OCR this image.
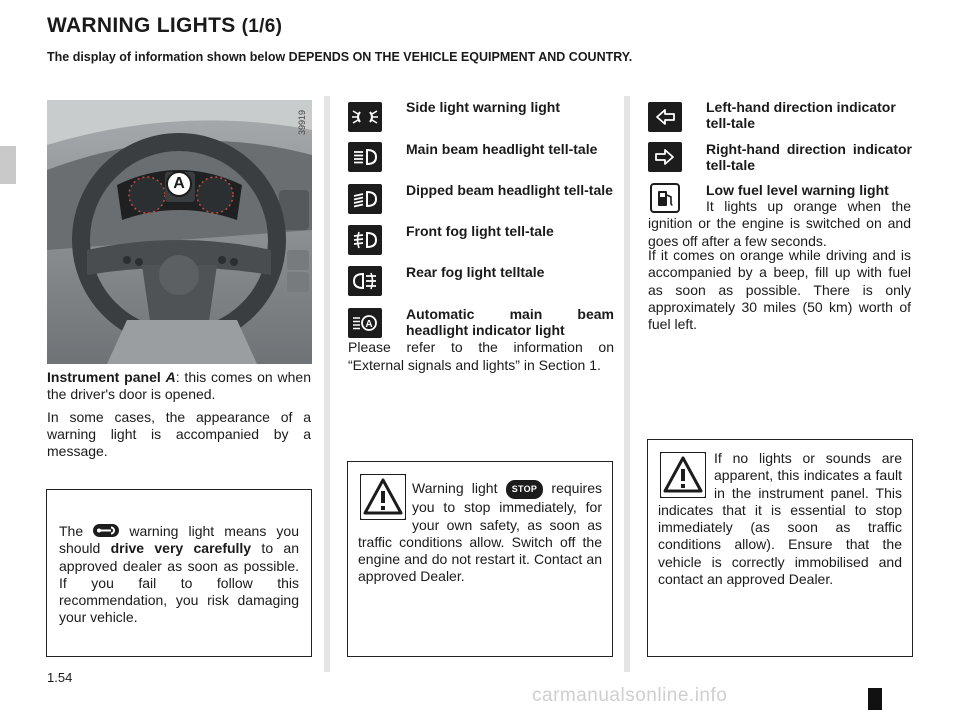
WARNING LIGHTS (1/6)
The display of information shown below DEPENDS ON THE VEHICLE EQUIPMENT AND COUNTRY.
A
39919
Instrument panel A: this comes on when the driver's door is opened.
In some cases, the appearance of a warning light is accompanied by a message.
The  warning light means you should drive very carefully to an approved dealer as soon as possible. If you fail to follow this recommendation, you risk damaging your vehicle.
Side light warning light
Main beam headlight tell-tale
Dipped beam headlight tell-tale
Front fog light tell-tale
Rear fog light telltale
A
Automatic main beam headlight indicator light
Please refer to the information on “External signals and lights” in Section 1.
Warning light STOP requires you to stop immediately, for your own safety, as soon as traffic conditions allow. Switch off the engine and do not restart it. Contact an approved Dealer.
Left-hand direction indicator tell-tale
Right-hand direction indicator tell-tale
Low fuel level warning light
It lights up orange when the ignition or the engine is switched on and goes off after a few seconds.
If it comes on orange while driving and is accompanied by a beep, fill up with fuel as soon as possible. There is only approximately 30 miles (50 km) worth of fuel left.
If no lights or sounds are apparent, this indicates a fault in the instrument panel. This indicates that it is essential to stop immediately (as soon as traffic conditions allow). Ensure that the vehicle is correctly immobilised and contact an approved Dealer.
1.54
carmanualsonline.info
